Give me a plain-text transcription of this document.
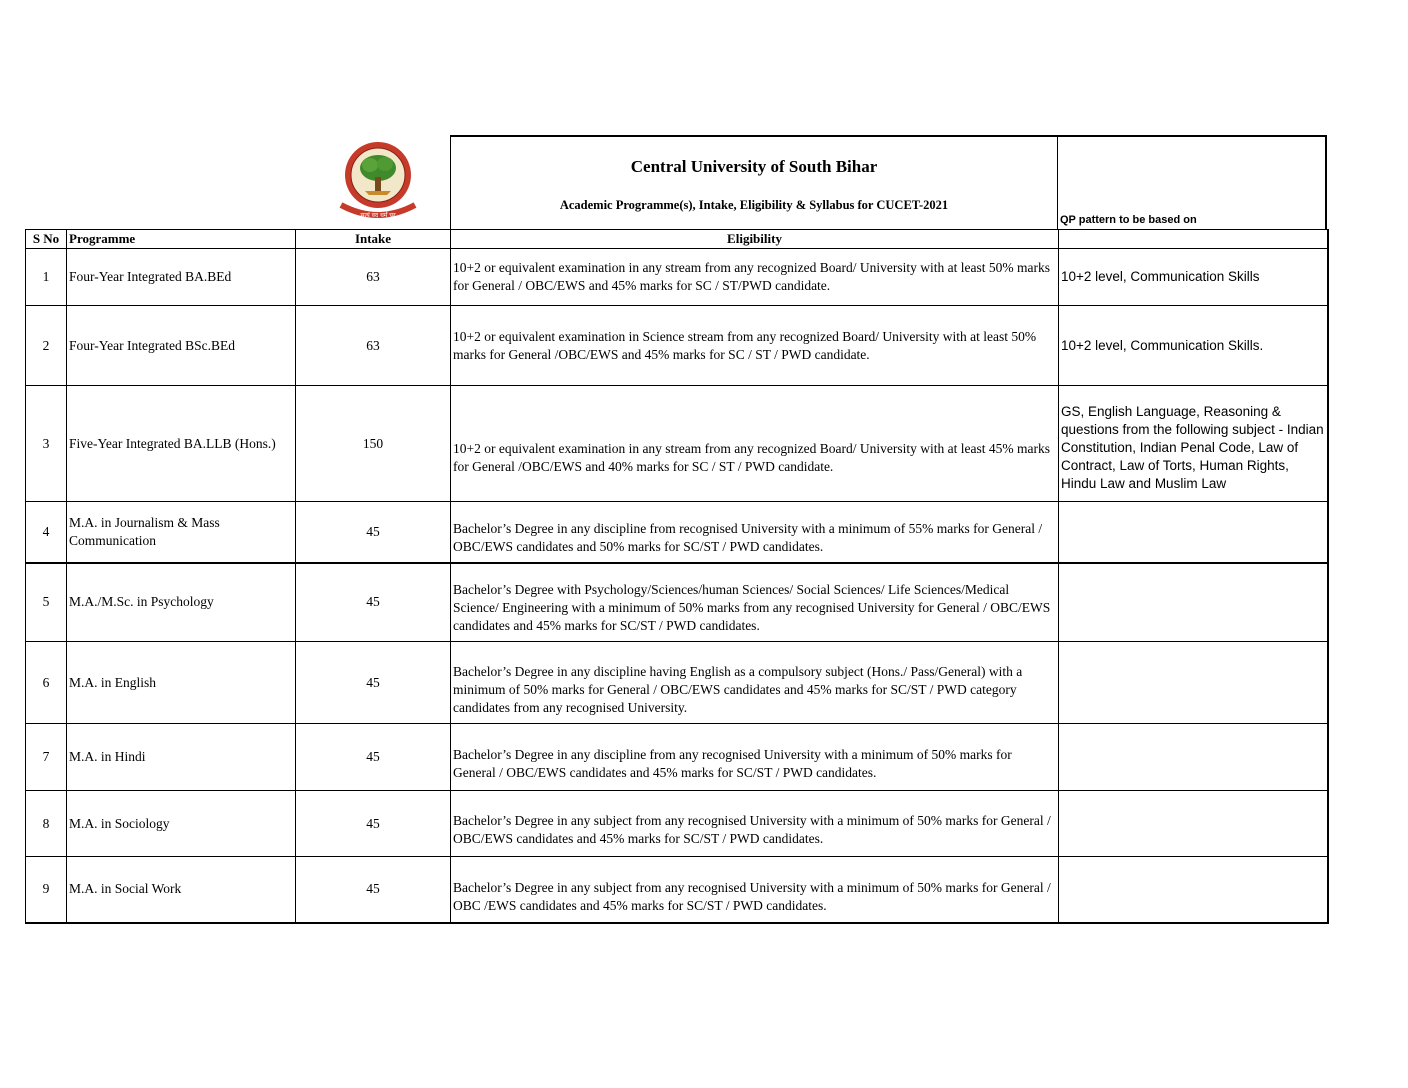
सत्यं वद धर्मं चर
Central University of South Bihar
Academic Programme(s), Intake, Eligibility & Syllabus for CUCET-2021
QP pattern to be based on
S No	Programme	Intake	Eligibility	
1	Four-Year Integrated BA.BEd	63	10+2 or equivalent examination in any stream from any recognized Board/ University with at least 50% marks for General / OBC/EWS and 45% marks for SC / ST/PWD candidate.	10+2 level, Communication Skills
2	Four-Year Integrated BSc.BEd	63	10+2 or equivalent examination in Science stream from any recognized Board/ University with at least 50% marks for General /OBC/EWS and 45% marks for SC / ST / PWD candidate.	10+2 level, Communication Skills.
3	Five-Year Integrated BA.LLB (Hons.)	150	10+2 or equivalent examination in any stream from any recognized Board/ University with at least 45% marks for General /OBC/EWS and 40% marks for SC / ST / PWD candidate.	GS, English Language, Reasoning & questions from the following subject - Indian Constitution, Indian Penal Code, Law of Contract, Law of Torts, Human Rights, Hindu Law and Muslim Law
4	M.A. in Journalism & Mass Communication	45	Bachelor’s Degree in any discipline from recognised University with a minimum of 55% marks for General / OBC/EWS candidates and 50% marks for SC/ST / PWD candidates.	
5	M.A./M.Sc. in Psychology	45	Bachelor’s Degree with Psychology/Sciences/human Sciences/ Social Sciences/ Life Sciences/Medical Science/ Engineering with a minimum of 50% marks from any recognised University for General / OBC/EWS candidates and 45% marks for SC/ST / PWD candidates.	
6	M.A. in English	45	Bachelor’s Degree in any discipline having English as a compulsory subject (Hons./ Pass/General) with a minimum of 50% marks for General / OBC/EWS candidates and 45% marks for SC/ST / PWD category candidates from any recognised University.	
7	M.A. in Hindi	45	Bachelor’s Degree in any discipline from any recognised University with a minimum of 50% marks for General / OBC/EWS candidates and 45% marks for SC/ST / PWD candidates.	
8	M.A. in Sociology	45	Bachelor’s Degree in any subject from any recognised University with a minimum of 50% marks for General / OBC/EWS candidates and 45% marks for SC/ST / PWD candidates.	
9	M.A. in Social Work	45	Bachelor’s Degree in any subject from any recognised University with a minimum of 50% marks for General / OBC /EWS candidates and 45% marks for SC/ST / PWD candidates.	
